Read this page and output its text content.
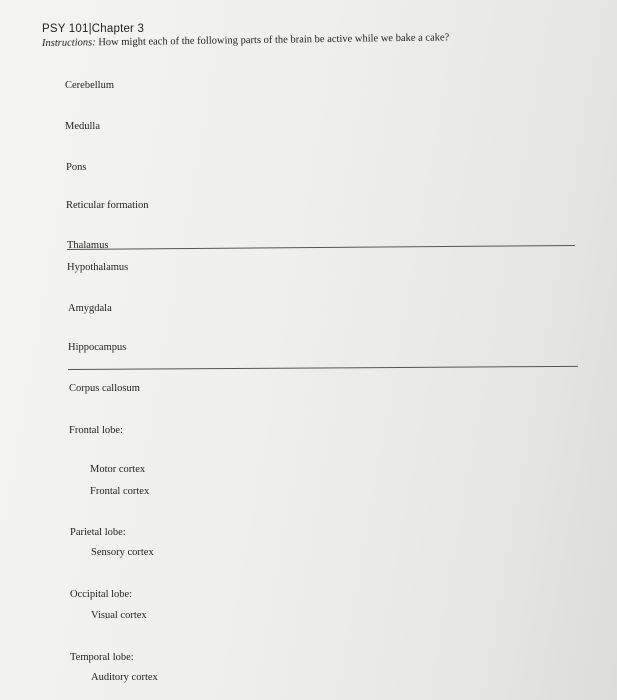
PSY 101|Chapter 3
Instructions: How might each of the following parts of the brain be active while we bake a cake?
Cerebellum
Medulla
Pons
Reticular formation
Thalamus
Hypothalamus
Amygdala
Hippocampus
Corpus callosum
Frontal lobe:
Motor cortex
Frontal cortex
Parietal lobe:
Sensory cortex
Occipital lobe:
Visual cortex
Temporal lobe:
Auditory cortex
